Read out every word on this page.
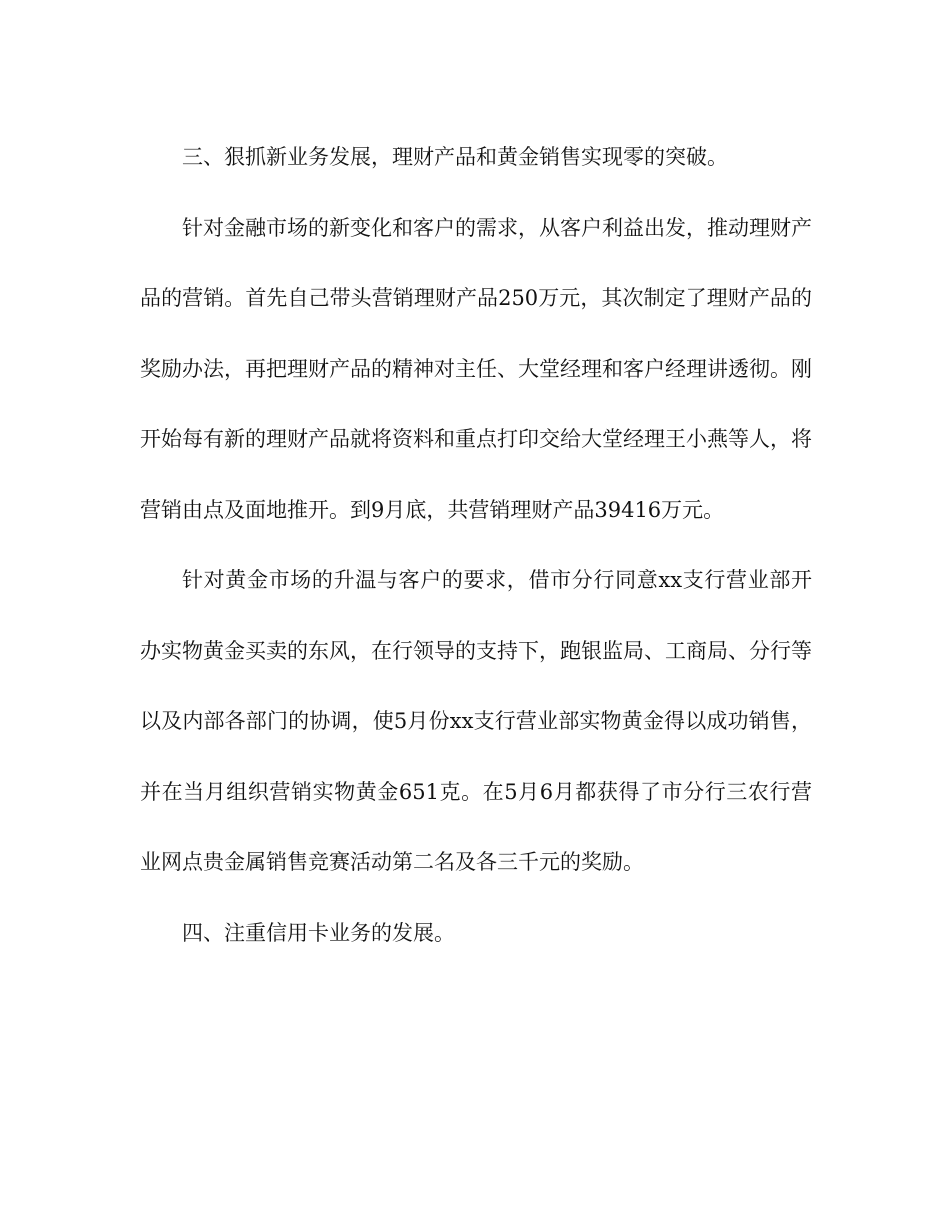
三、狠抓新业务发展，理财产品和黄金销售实现零的突破。

针对金融市场的新变化和客户的需求，从客户利益出发，推动理财产品的营销。首先自己带头营销理财产品250万元，其次制定了理财产品的奖励办法，再把理财产品的精神对主任、大堂经理和客户经理讲透彻。刚开始每有新的理财产品就将资料和重点打印交给大堂经理王小燕等人，将营销由点及面地推开。到9月底，共营销理财产品39416万元。

针对黄金市场的升温与客户的要求，借市分行同意xx支行营业部开办实物黄金买卖的东风，在行领导的支持下，跑银监局、工商局、分行等以及内部各部门的协调，使5月份xx支行营业部实物黄金得以成功销售，并在当月组织营销实物黄金651克。在5月6月都获得了市分行三农行营业网点贵金属销售竞赛活动第二名及各三千元的奖励。

四、注重信用卡业务的发展。
